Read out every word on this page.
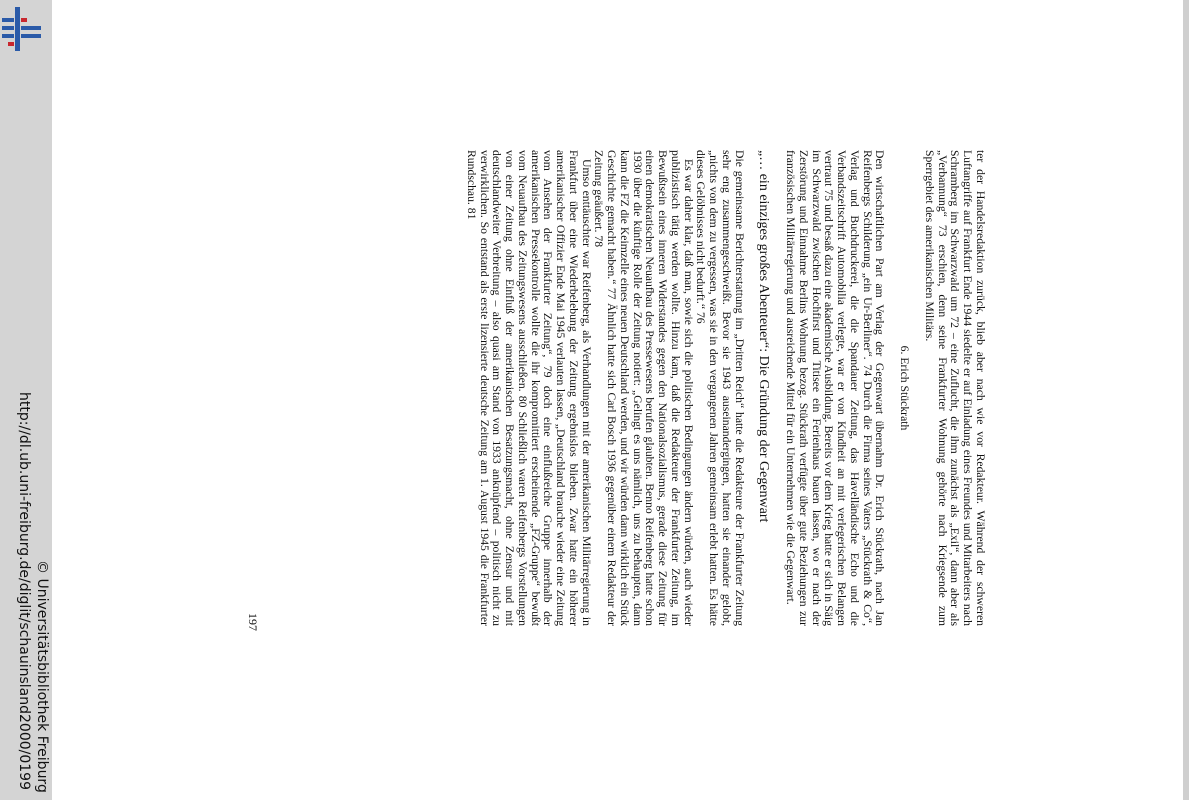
http://dl.ub.uni-freiburg.de/diglit/schauinsland2000/0199 © Universitätsbibliothek Freiburg

ter der Handelsredaktion zurück, blieb aber nach wie vor Redakteur. Während der schweren Luftangriffe auf Frankfurt Ende 1944 siedelte er auf Einladung eines Freundes und Mitarbeiters nach Schramberg im Schwarzwald um 72 – eine Zuflucht, die ihm zunächst als „Exil“, dann aber als „Verbannung“ 73 erschien, denn seine Frankfurter Wohnung gehörte nach Kriegsende zum Sperrgebiet des amerikanischen Militärs.

6. Erich Stückrath

Den wirtschaftlichen Part am Verlag der Gegenwart übernahm Dr. Erich Stückrath, nach Jan Reifenbergs Schilderung „ein Ur-Berliner“. 74 Durch die Firma seines Vaters „Stückrath & Co“, Verlag und Buchdruckerei, die die Spandauer Zeitung, das Havelländische Echo und die Verbandszeitschrift Automobilia verlegte, war er von Kindheit an mit verlegerischen Belangen vertraut 75 und besaß dazu eine akademische Ausbildung. Bereits vor dem Krieg hatte er sich in Säig im Schwarzwald zwischen Hochfirst und Titisee ein Ferienhaus bauen lassen, wo er nach der Zerstörung und Einnahme Berlins Wohnung bezog. Stückrath verfügte über gute Beziehungen zur französischen Militärregierung und ausreichende Mittel für ein Unternehmen wie die Gegenwart.

„… ein einziges großes Abenteuer“: Die Gründung der Gegenwart

Die gemeinsame Berichterstattung im „Dritten Reich“ hatte die Redakteure der Frankfurter Zeitung sehr eng zusammengeschweißt. Bevor sie 1943 auseinandergingen, hatten sie einander gelobt, „nichts von dem zu vergessen, was sie in den vergangenen Jahren gemeinsam erlebt hatten. Es hätte dieses Gelöbnisses nicht bedurft.“ 76

Es war daher klar, daß man, sowie sich die politischen Bedingungen ändern würden, auch wieder publizistisch tätig werden wollte. Hinzu kam, daß die Redakteure der Frankfurter Zeitung, im Bewußtsein eines inneren Widerstandes gegen den Nationalsozialismus, gerade diese Zeitung für einen demokratischen Neuaufbau des Pressewesens berufen glaubten. Benno Reifenberg hatte schon 1930 über die künftige Rolle der Zeitung notiert: „Gelingt es uns nämlich, uns zu behaupten, dann kann die FZ die Keimzelle eines neuen Deutschland werden, und wir würden dann wirklich ein Stück Geschichte gemacht haben.“ 77 Ähnlich hatte sich Carl Bosch 1936 gegenüber einem Redakteur der Zeitung geäußert. 78

Umso enttäuschter war Reifenberg, als Verhandlungen mit der amerikanischen Militärregierung in Frankfurt über eine Wiederbelebung der Zeitung ergebnislos blieben. Zwar hatte ein höherer amerikanischer Offizier Ende Mai 1945 verlauten lassen, „Deutschland brauche wieder eine Zeitung vom Ansehen der Frankfurter Zeitung“, 79 doch eine einflußreiche Gruppe innerhalb der amerikanischen Pressekontrolle wollte die ihr kompromittiert erscheinende „FZ-Gruppe“ bewußt vom Neuaufbau des Zeitungswesens ausschließen. 80 Schließlich waren Reifenbergs Vorstellungen von einer Zeitung ohne Einfluß der amerikanischen Besatzungsmacht, ohne Zensur und mit deutschlandweiter Verbreitung – also quasi am Stand von 1933 anknüpfend – politisch nicht zu verwirklichen. So entstand als erste lizensierte deutsche Zeitung am 1. August 1945 die Frankfurter Rundschau. 81

197
